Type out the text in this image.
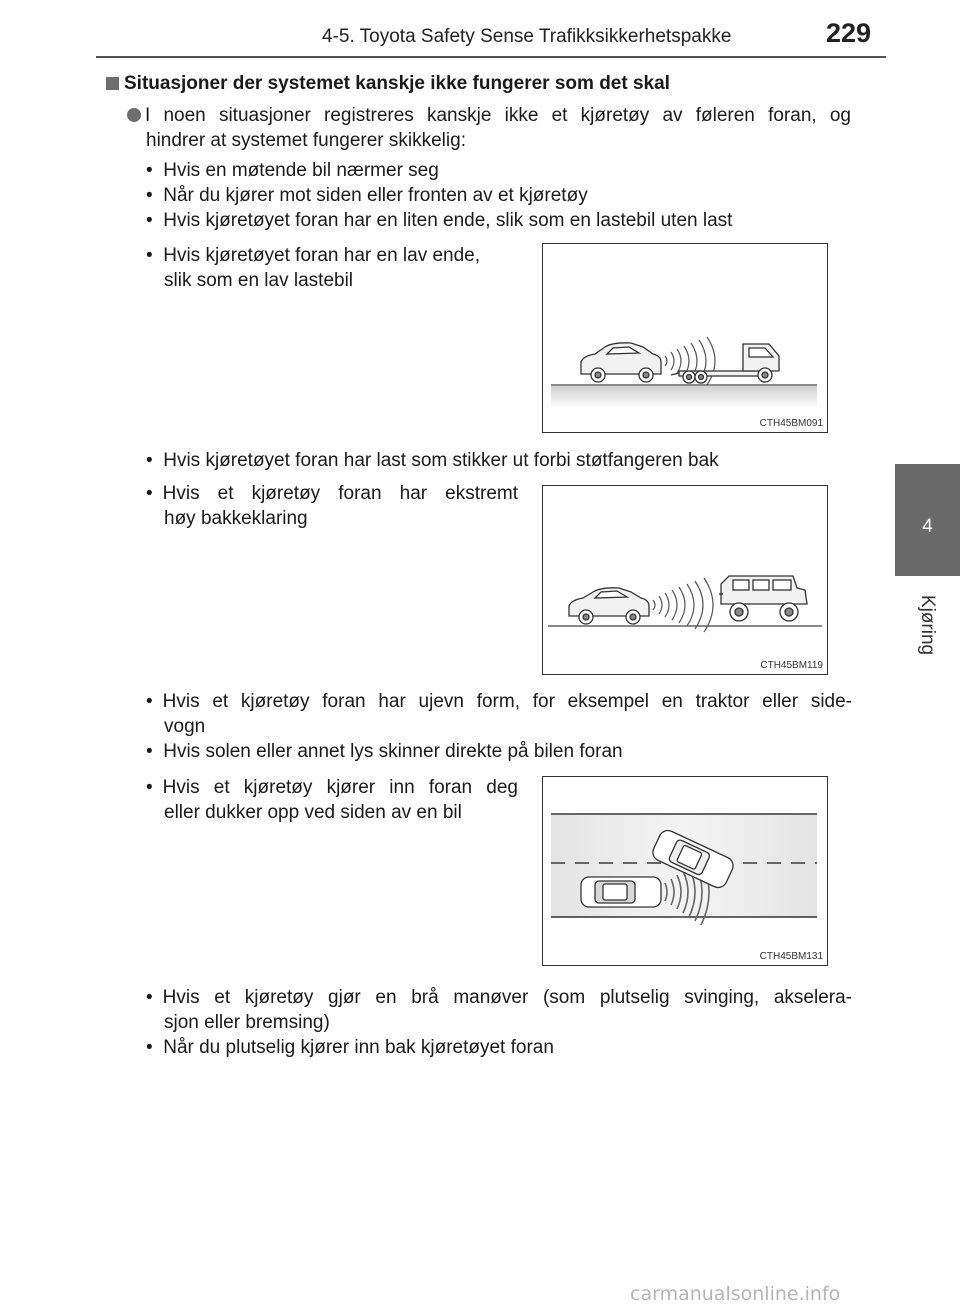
4-5. Toyota Safety Sense Trafikksikkerhetspakke	229
4
Kjøring
Situasjoner der systemet kanskje ikke fungerer som det skal
I noen situasjoner registreres kanskje ikke et kjøretøy av føleren foran, og
hindrer at systemet fungerer skikkelig:
•  Hvis en møtende bil nærmer seg
•  Når du kjører mot siden eller fronten av et kjøretøy
•  Hvis kjøretøyet foran har en liten ende, slik som en lastebil uten last
•  Hvis kjøretøyet foran har en lav ende,
slik som en lav lastebil
CTH45BM091
•  Hvis kjøretøyet foran har last som stikker ut forbi støtfangeren bak
• Hvis et kjøretøy foran har ekstremt
høy bakkeklaring
CTH45BM119
• Hvis et kjøretøy foran har ujevn form, for eksempel en traktor eller side-
vogn
•  Hvis solen eller annet lys skinner direkte på bilen foran
• Hvis et kjøretøy kjører inn foran deg
eller dukker opp ved siden av en bil
CTH45BM131
• Hvis et kjøretøy gjør en brå manøver (som plutselig svinging, akselera-
sjon eller bremsing)
•  Når du plutselig kjører inn bak kjøretøyet foran
carmanualsonline.info
